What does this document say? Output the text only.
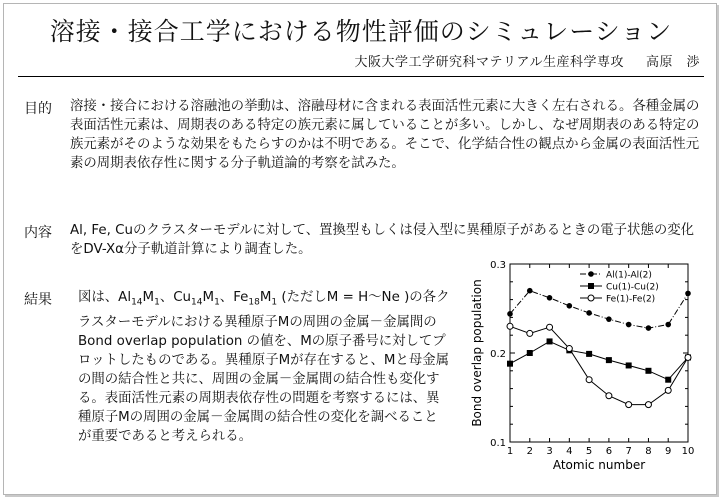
溶接・接合工学における物性評価のシミュレーション
大阪大学工学研究科マテリアル生産科学専攻 高原　渉
目的 溶接・接合における溶融池の挙動は、溶融母材に含まれる表面活性元素に大きく左右される。各種金属の表面活性元素は、周期表のある特定の族元素に属していることが多い。しかし、なぜ周期表のある特定の族元素がそのような効果をもたらすのかは不明である。そこで、化学結合性の観点から金属の表面活性元素の周期表依存性に関する分子軌道論的考察を試みた。
内容 Al, Fe, Cuのクラスターモデルに対して、置換型もしくは侵入型に異種原子があるときの電子状態の変化をDV-Xα分子軌道計算により調査した。
結果 図は、$Al_{14}M_1$、$Cu_{14}M_1$、$Fe_{18}M_1$ (ただしM = H〜Ne )の各クラスターモデルにおける異種原子Mの周囲の金属－金属間のBond overlap population の値を、Mの原子番号に対してプロットしたものである。異種原子Mが存在すると、Mと母金属の間の結合性と共に、周囲の金属－金属間の結合性も変化する。表面活性元素の周期表依存性の問題を考察するには、異種原子Mの周囲の金属－金属間の結合性の変化を調べることが重要であると考えられる。
1 2 3 4 5 6 7 8 9 10
0.1
0.2
0.3
Atomic number
Bond overlap population
Al(1)-Al(2)
Cu(1)-Cu(2)
Fe(1)-Fe(2)
